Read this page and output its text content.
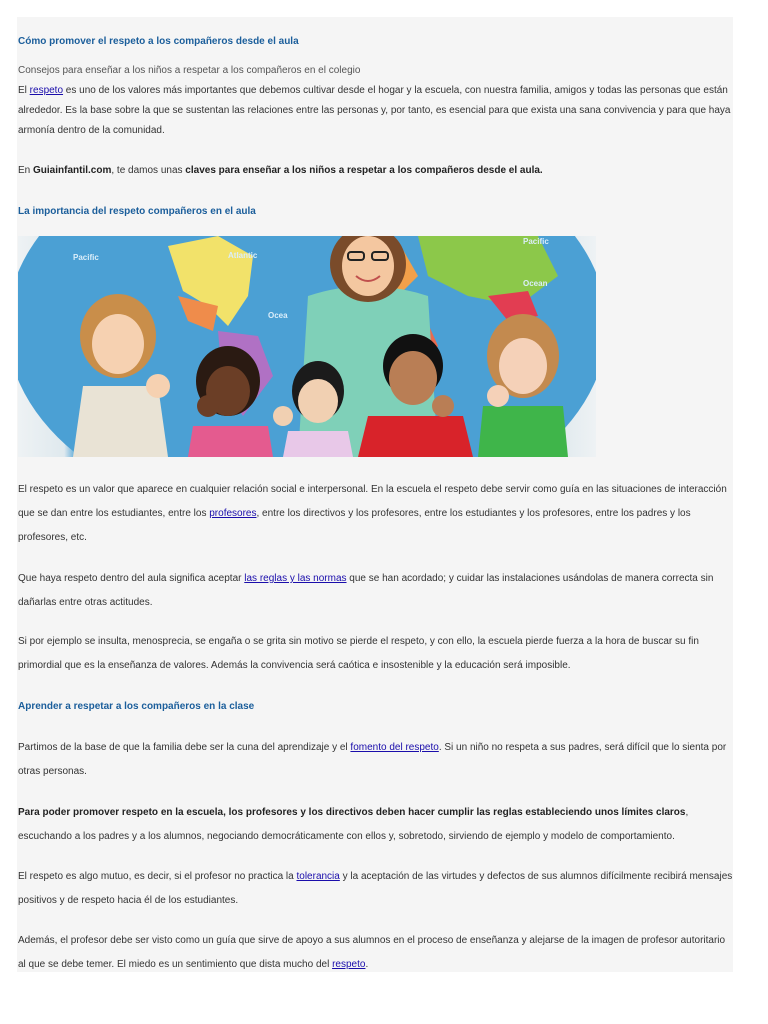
Cómo promover el respeto a los compañeros desde el aula
Consejos para enseñar a los niños a respetar a los compañeros en el colegio
El respeto es uno de los valores más importantes que debemos cultivar desde el hogar y la escuela, con nuestra familia, amigos y todas las personas que están alrededor. Es la base sobre la que se sustentan las relaciones entre las personas y, por tanto, es esencial para que exista una sana convivencia y para que haya armonía dentro de la comunidad.
En Guiainfantil.com, te damos unas claves para enseñar a los niños a respetar a los compañeros desde el aula.
La importancia del respeto compañeros en el aula
El respeto es un valor que aparece en cualquier relación social e interpersonal. En la escuela el respeto debe servir como guía en las situaciones de interacción que se dan entre los estudiantes, entre los profesores, entre los directivos y los profesores, entre los estudiantes y los profesores, entre los padres y los profesores, etc.
Que haya respeto dentro del aula significa aceptar las reglas y las normas que se han acordado; y cuidar las instalaciones usándolas de manera correcta sin dañarlas entre otras actitudes.
Si por ejemplo se insulta, menosprecia, se engaña o se grita sin motivo se pierde el respeto, y con ello, la escuela pierde fuerza a la hora de buscar su fin primordial que es la enseñanza de valores. Además la convivencia será caótica e insostenible y la educación será imposible.
Aprender a respetar a los compañeros en la clase
Partimos de la base de que la familia debe ser la cuna del aprendizaje y el fomento del respeto. Si un niño no respeta a sus padres, será difícil que lo sienta por otras personas.
Para poder promover respeto en la escuela, los profesores y los directivos deben hacer cumplir las reglas estableciendo unos límites claros, escuchando a los padres y a los alumnos, negociando democráticamente con ellos y, sobretodo, sirviendo de ejemplo y modelo de comportamiento.
El respeto es algo mutuo, es decir, si el profesor no practica la tolerancia y la aceptación de las virtudes y defectos de sus alumnos difícilmente recibirá mensajes positivos y de respeto hacia él de los estudiantes.
Además, el profesor debe ser visto como un guía que sirve de apoyo a sus alumnos en el proceso de enseñanza y alejarse de la imagen de profesor autoritario al que se debe temer. El miedo es un sentimiento que dista mucho del respeto.
Pacific	Atlantic
Pacific
Ocean
Ocea
